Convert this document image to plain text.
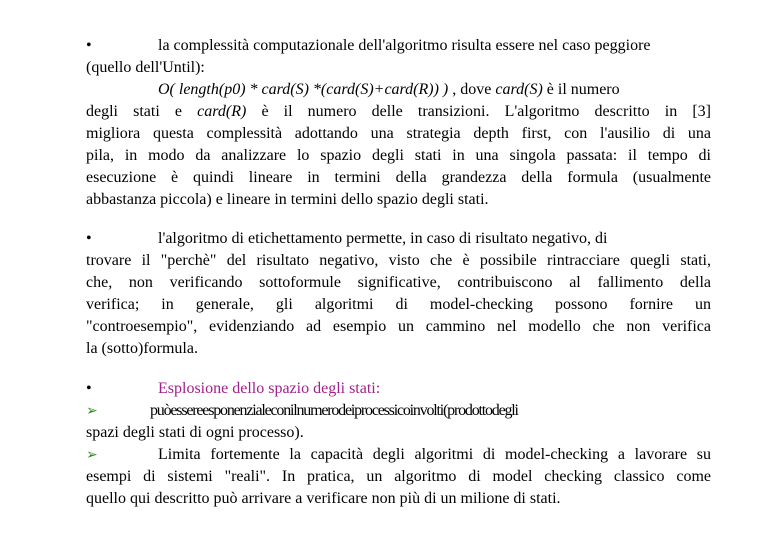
•	la complessità computazionale dell'algoritmo risulta essere nel caso peggiore
(quello dell'Until):
O( length(p0) * card(S) *(card(S)+card(R)) ) , dove card(S) è il numero
degli stati e card(R) è il numero delle transizioni. L'algoritmo descritto in [3]
migliora questa complessità adottando una strategia depth first, con l'ausilio di una
pila, in modo da analizzare lo spazio degli stati in una singola passata: il tempo di
esecuzione è quindi lineare in termini della grandezza della formula (usualmente
abbastanza piccola) e lineare in termini dello spazio degli stati.
•	l'algoritmo di etichettamento permette, in caso di risultato negativo, di
trovare il "perchè" del risultato negativo, visto che è possibile rintracciare quegli stati,
che, non verificando sottoformule significative, contribuiscono al fallimento della
verifica; in generale, gli algoritmi di model-checking possono fornire un
"controesempio", evidenziando ad esempio un cammino nel modello che non verifica
la (sotto)formula.
•	Esplosione dello spazio degli stati:
➢	puòessereesponenzialeconilnumerodeiprocessicoinvolti(prodottodegli
spazi degli stati di ogni processo).
➢	Limita fortemente la capacità degli algoritmi di model-checking a lavorare su
esempi di sistemi "reali". In pratica, un algoritmo di model checking classico come
quello qui descritto può arrivare a verificare non più di un milione di stati.
